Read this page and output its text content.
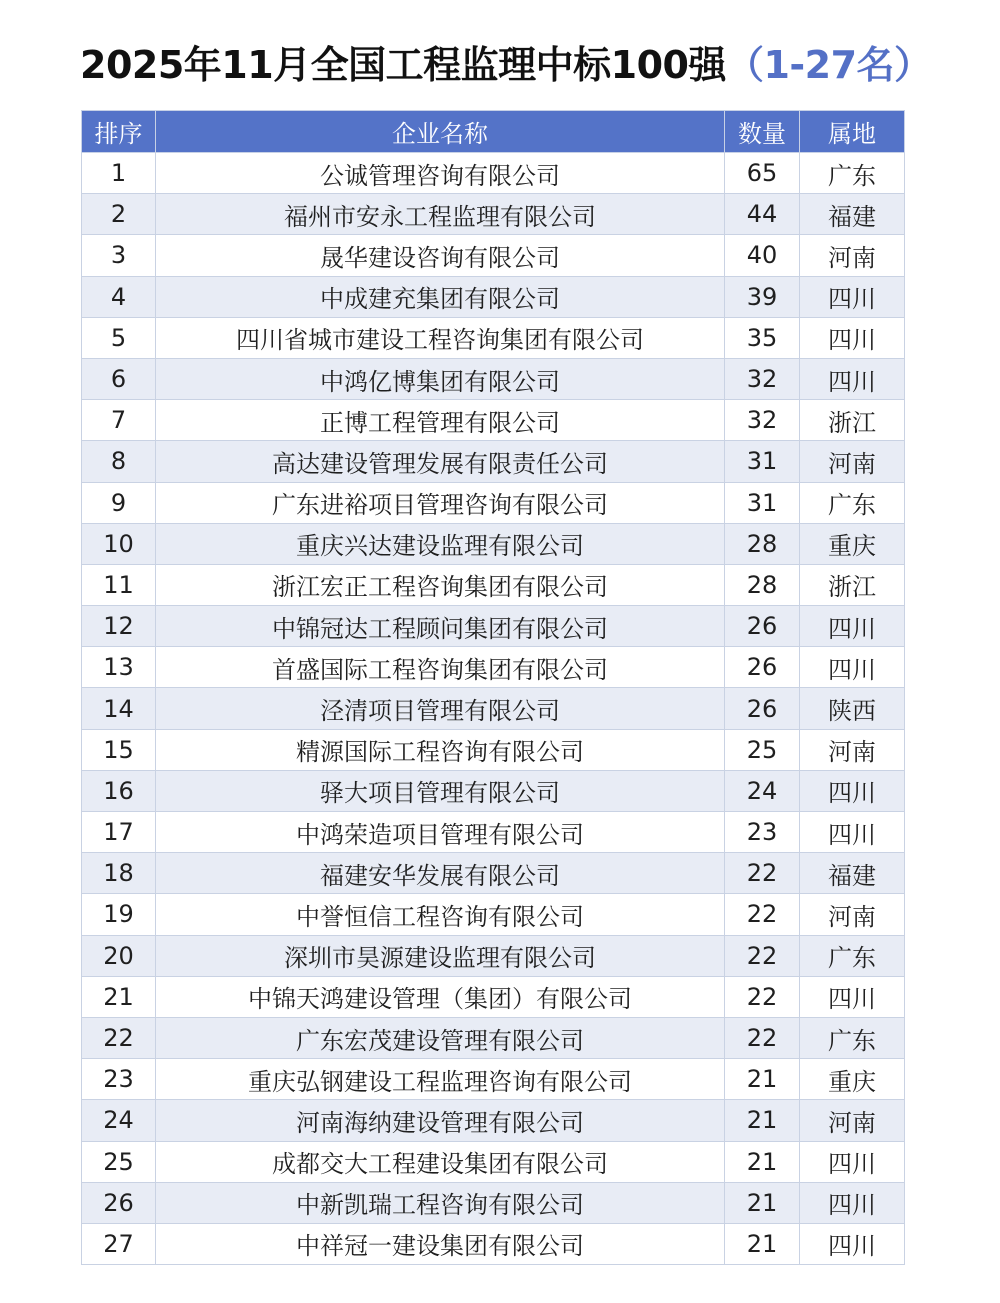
2025年11月全国工程监理中标100强（1-27名）
排序	企业名称	数量	属地
1	公诚管理咨询有限公司	65	广东
2	福州市安永工程监理有限公司	44	福建
3	晟华建设咨询有限公司	40	河南
4	中成建充集团有限公司	39	四川
5	四川省城市建设工程咨询集团有限公司	35	四川
6	中鸿亿博集团有限公司	32	四川
7	正博工程管理有限公司	32	浙江
8	高达建设管理发展有限责任公司	31	河南
9	广东进裕项目管理咨询有限公司	31	广东
10	重庆兴达建设监理有限公司	28	重庆
11	浙江宏正工程咨询集团有限公司	28	浙江
12	中锦冠达工程顾问集团有限公司	26	四川
13	首盛国际工程咨询集团有限公司	26	四川
14	泾清项目管理有限公司	26	陕西
15	精源国际工程咨询有限公司	25	河南
16	驿大项目管理有限公司	24	四川
17	中鸿荣造项目管理有限公司	23	四川
18	福建安华发展有限公司	22	福建
19	中誉恒信工程咨询有限公司	22	河南
20	深圳市昊源建设监理有限公司	22	广东
21	中锦天鸿建设管理（集团）有限公司	22	四川
22	广东宏茂建设管理有限公司	22	广东
23	重庆弘钢建设工程监理咨询有限公司	21	重庆
24	河南海纳建设管理有限公司	21	河南
25	成都交大工程建设集团有限公司	21	四川
26	中新凯瑞工程咨询有限公司	21	四川
27	中祥冠一建设集团有限公司	21	四川
